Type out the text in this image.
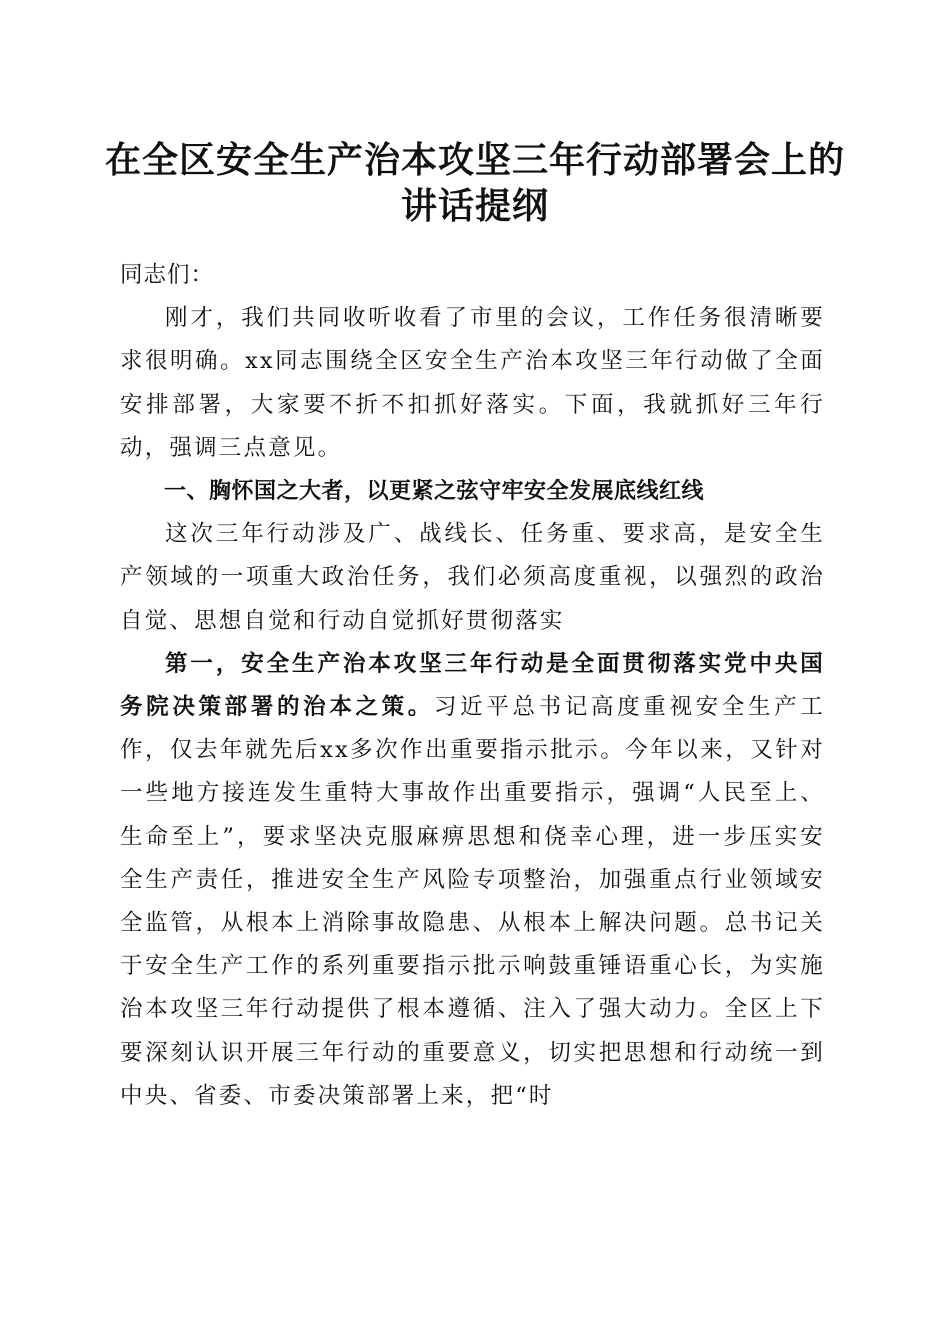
在全区安全生产治本攻坚三年行动部署会上的
讲话提纲

同志们：

刚才，我们共同收听收看了市里的会议，工作任务很清晰要求很明确。xx同志围绕全区安全生产治本攻坚三年行动做了全面安排部署，大家要不折不扣抓好落实。下面，我就抓好三年行动，强调三点意见。

一、胸怀国之大者，以更紧之弦守牢安全发展底线红线

这次三年行动涉及广、战线长、任务重、要求高，是安全生产领域的一项重大政治任务，我们必须高度重视，以强烈的政治自觉、思想自觉和行动自觉抓好贯彻落实

第一，安全生产治本攻坚三年行动是全面贯彻落实党中央国务院决策部署的治本之策。习近平总书记高度重视安全生产工作，仅去年就先后xx多次作出重要指示批示。今年以来，又针对一些地方接连发生重特大事故作出重要指示，强调“人民至上、生命至上”，要求坚决克服麻痹思想和侥幸心理，进一步压实安全生产责任，推进安全生产风险专项整治，加强重点行业领域安全监管，从根本上消除事故隐患、从根本上解决问题。总书记关于安全生产工作的系列重要指示批示响鼓重锤语重心长，为实施治本攻坚三年行动提供了根本遵循、注入了强大动力。全区上下要深刻认识开展三年行动的重要意义，切实把思想和行动统一到中央、省委、市委决策部署上来，把“时
